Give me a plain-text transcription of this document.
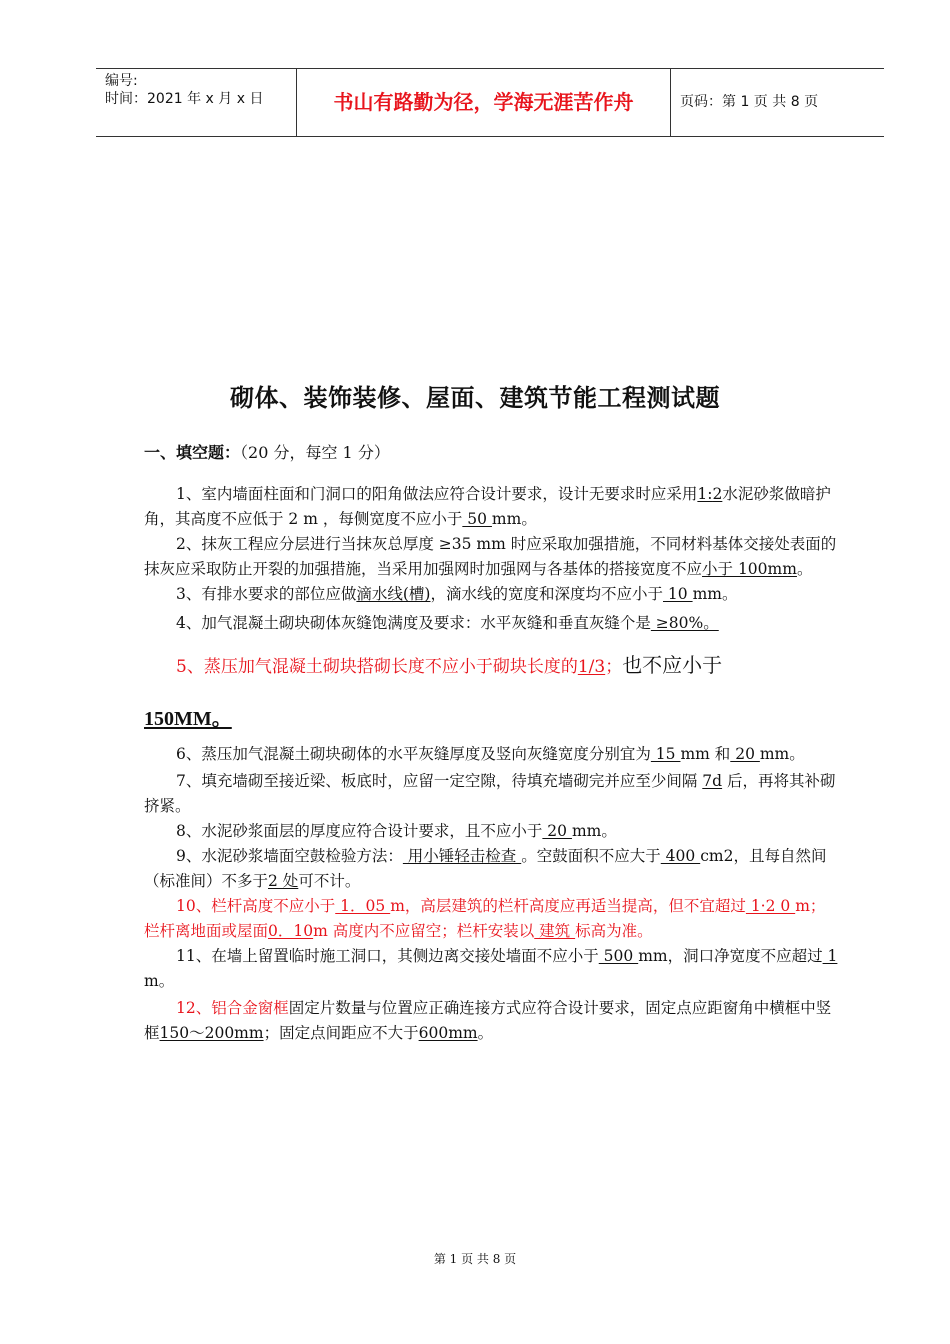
编号:
时间：2021 年 x 月 x 日	书山有路勤为径，学海无涯苦作舟	页码：第 1 页 共 8 页
砌体、装饰装修、屋面、建筑节能工程测试题
一、填空题：（20 分，每空 1 分）

1、室内墙面柱面和门洞口的阳角做法应符合设计要求，设计无要求时应采用1:2水泥砂浆做暗护角，其高度不应低于 2 m ，每侧宽度不应小于 50 mm。

2、抹灰工程应分层进行当抹灰总厚度 ≥35 mm 时应采取加强措施，不同材料基体交接处表面的抹灰应采取防止开裂的加强措施，当采用加强网时加强网与各基体的搭接宽度不应小于 100mm。

3、有排水要求的部位应做滴水线(槽)，滴水线的宽度和深度均不应小于 10 mm。

4、加气混凝土砌块砌体灰缝饱满度及要求：水平灰缝和垂直灰缝个是 ≥80%。

5、蒸压加气混凝土砌块搭砌长度不应小于砌块长度的1/3；也不应小于

150MM。

6、蒸压加气混凝土砌块砌体的水平灰缝厚度及竖向灰缝宽度分别宜为 15 mm 和 20 mm。

7、填充墙砌至接近梁、板底时，应留一定空隙，待填充墙砌完并应至少间隔 7d 后，再将其补砌挤紧。

8、水泥砂浆面层的厚度应符合设计要求，且不应小于 20 mm。

9、水泥砂浆墙面空鼓检验方法： 用小锤轻击检查 。空鼓面积不应大于 400 cm2，且每自然间（标准间）不多于2 处可不计。

10、栏杆高度不应小于 1．05 m，高层建筑的栏杆高度应再适当提高，但不宜超过 1·2 0 m；栏杆离地面或屋面0．10m 高度内不应留空；栏杆安装以 建筑 标高为准。

11、在墙上留置临时施工洞口，其侧边离交接处墙面不应小于 500 mm，洞口净宽度不应超过 1 m。

12、铝合金窗框固定片数量与位置应正确连接方式应符合设计要求，固定点应距窗角中横框中竖框150～200mm；固定点间距应不大于600mm。

第 1 页 共 8 页
